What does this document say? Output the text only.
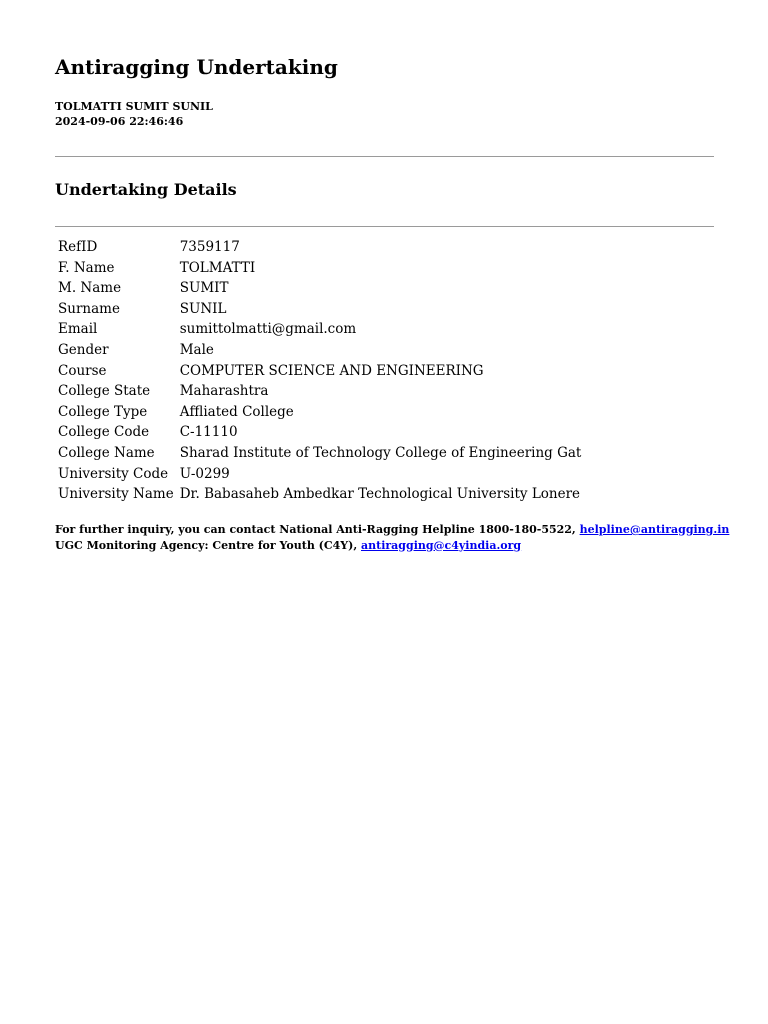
Antiragging Undertaking
TOLMATTI SUMIT SUNIL
2024-09-06 22:46:46
Undertaking Details
RefID	7359117
F. Name	TOLMATTI
M. Name	SUMIT
Surname	SUNIL
Email	sumittolmatti@gmail.com
Gender	Male
Course	COMPUTER SCIENCE AND ENGINEERING
College State	Maharashtra
College Type	Affliated College
College Code	C-11110
College Name	Sharad Institute of Technology College of Engineering Gat
University Code	U-0299
University Name	Dr. Babasaheb Ambedkar Technological University Lonere
For further inquiry, you can contact National Anti-Ragging Helpline 1800-180-5522, helpline@antiragging.in
UGC Monitoring Agency: Centre for Youth (C4Y), antiragging@c4yindia.org
